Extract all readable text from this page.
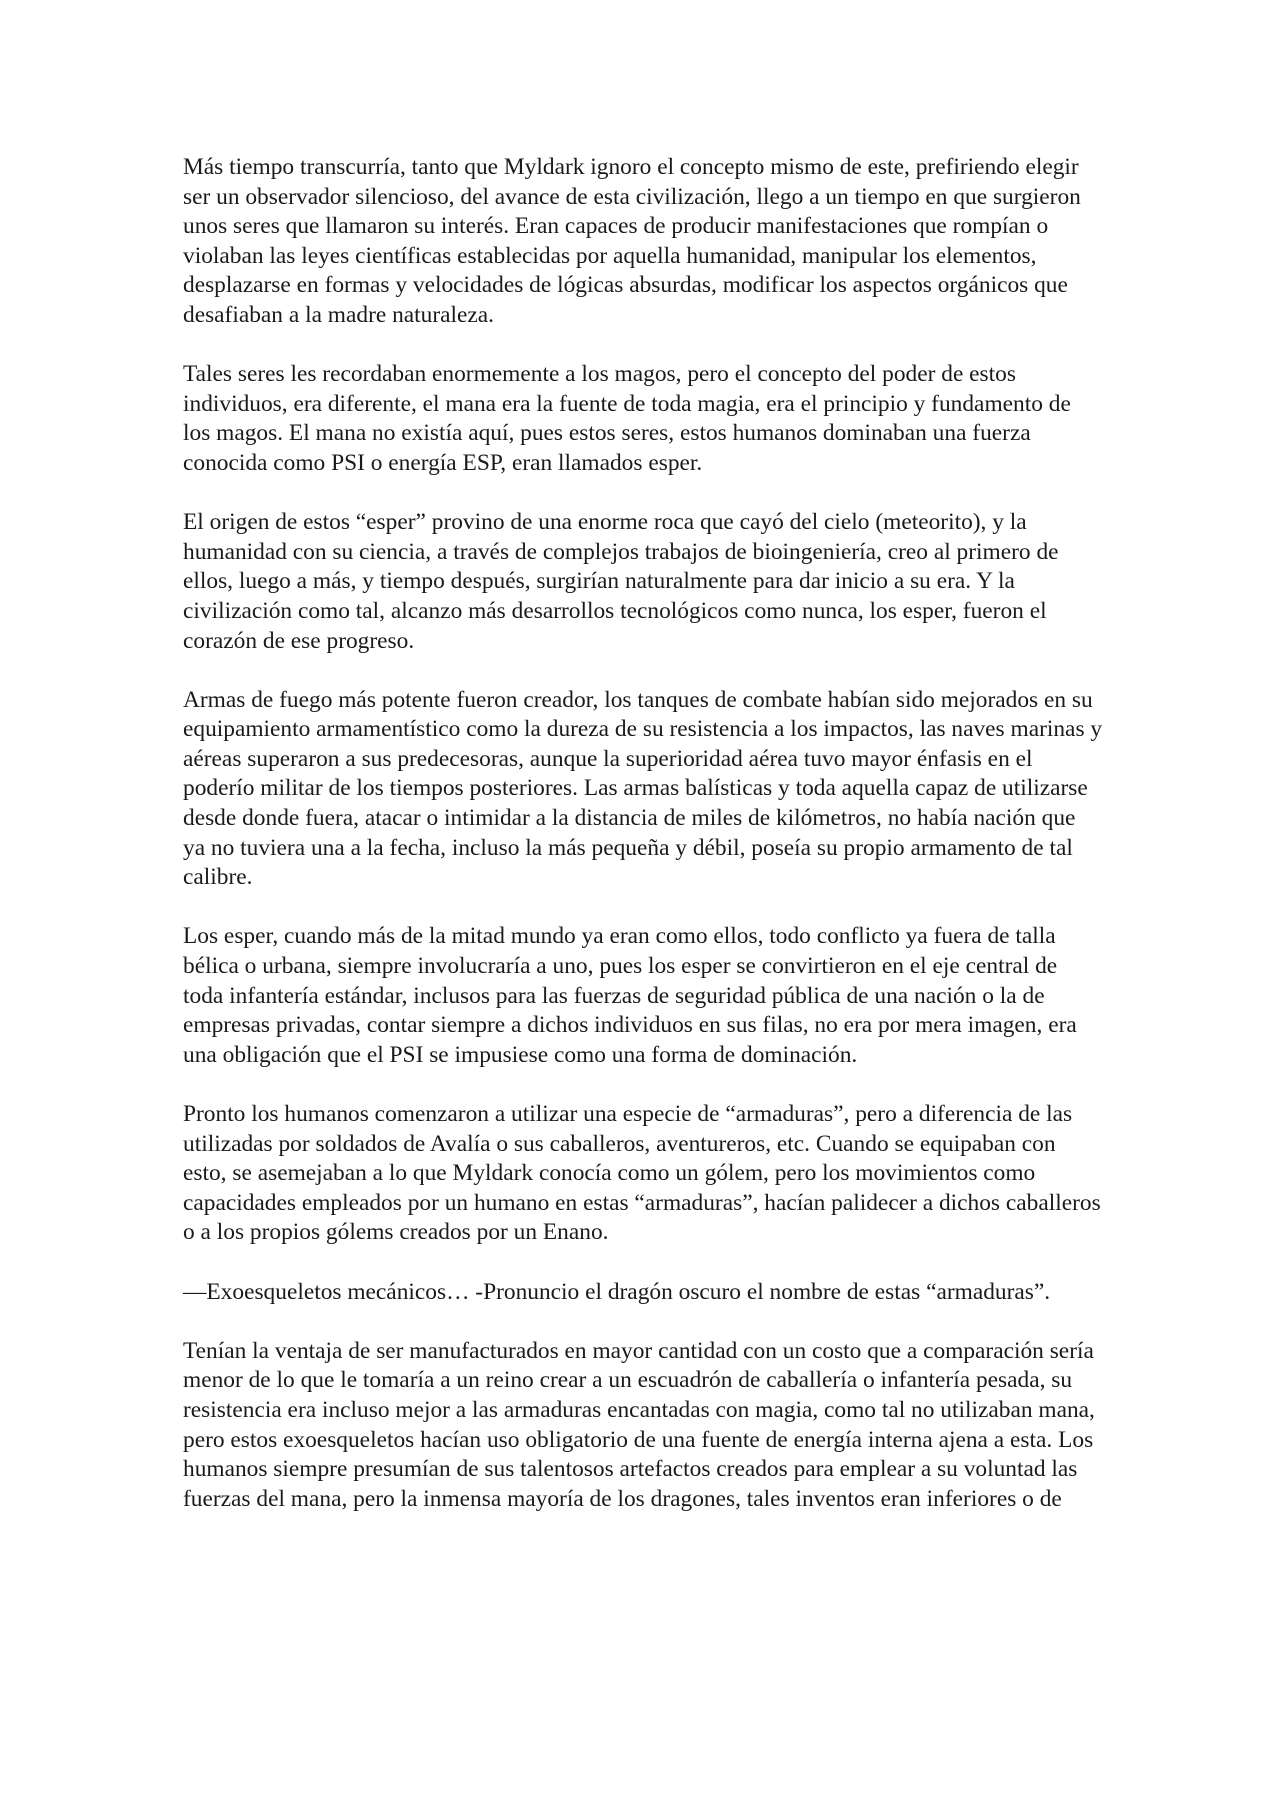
Más tiempo transcurría, tanto que Myldark ignoro el concepto mismo de este, prefiriendo elegir ser un observador silencioso, del avance de esta civilización, llego a un tiempo en que surgieron unos seres que llamaron su interés. Eran capaces de producir manifestaciones que rompían o violaban las leyes científicas establecidas por aquella humanidad, manipular los elementos, desplazarse en formas y velocidades de lógicas absurdas, modificar los aspectos orgánicos que desafiaban a la madre naturaleza.

Tales seres les recordaban enormemente a los magos, pero el concepto del poder de estos individuos, era diferente, el mana era la fuente de toda magia, era el principio y fundamento de los magos. El mana no existía aquí, pues estos seres, estos humanos dominaban una fuerza conocida como PSI o energía ESP, eran llamados esper.

El origen de estos “esper” provino de una enorme roca que cayó del cielo (meteorito), y la humanidad con su ciencia, a través de complejos trabajos de bioingeniería, creo al primero de ellos, luego a más, y tiempo después, surgirían naturalmente para dar inicio a su era. Y la civilización como tal, alcanzo más desarrollos tecnológicos como nunca, los esper, fueron el corazón de ese progreso.

Armas de fuego más potente fueron creador, los tanques de combate habían sido mejorados en su equipamiento armamentístico como la dureza de su resistencia a los impactos, las naves marinas y aéreas superaron a sus predecesoras, aunque la superioridad aérea tuvo mayor énfasis en el poderío militar de los tiempos posteriores. Las armas balísticas y toda aquella capaz de utilizarse desde donde fuera, atacar o intimidar a la distancia de miles de kilómetros, no había nación que ya no tuviera una a la fecha, incluso la más pequeña y débil, poseía su propio armamento de tal calibre.

Los esper, cuando más de la mitad mundo ya eran como ellos, todo conflicto ya fuera de talla bélica o urbana, siempre involucraría a uno, pues los esper se convirtieron en el eje central de toda infantería estándar, inclusos para las fuerzas de seguridad pública de una nación o la de empresas privadas, contar siempre a dichos individuos en sus filas, no era por mera imagen, era una obligación que el PSI se impusiese como una forma de dominación.

Pronto los humanos comenzaron a utilizar una especie de “armaduras”, pero a diferencia de las utilizadas por soldados de Avalía o sus caballeros, aventureros, etc. Cuando se equipaban con esto, se asemejaban a lo que Myldark conocía como un gólem, pero los movimientos como capacidades empleados por un humano en estas “armaduras”, hacían palidecer a dichos caballeros o a los propios gólems creados por un Enano.

—Exoesqueletos mecánicos… -Pronuncio el dragón oscuro el nombre de estas “armaduras”.

Tenían la ventaja de ser manufacturados en mayor cantidad con un costo que a comparación sería menor de lo que le tomaría a un reino crear a un escuadrón de caballería o infantería pesada, su resistencia era incluso mejor a las armaduras encantadas con magia, como tal no utilizaban mana, pero estos exoesqueletos hacían uso obligatorio de una fuente de energía interna ajena a esta. Los humanos siempre presumían de sus talentosos artefactos creados para emplear a su voluntad las fuerzas del mana, pero la inmensa mayoría de los dragones, tales inventos eran inferiores o de
